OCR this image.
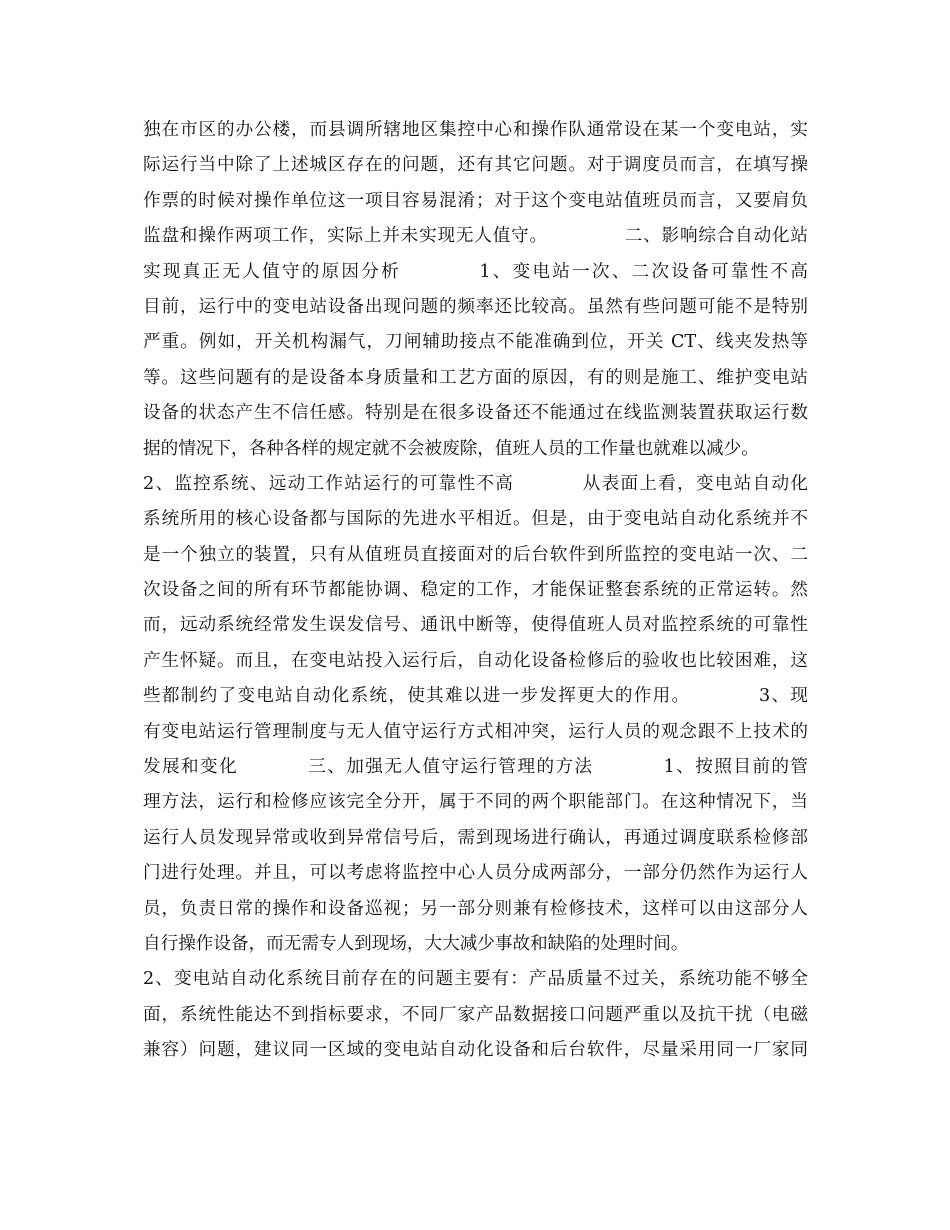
独在市区的办公楼，而县调所辖地区集控中心和操作队通常设在某一个变电站，实
际运行当中除了上述城区存在的问题，还有其它问题。对于调度员而言，在填写操
作票的时候对操作单位这一项目容易混淆；对于这个变电站值班员而言，又要肩负
监盘和操作两项工作，实际上并未实现无人值守。            二、影响综合自动化站
实现真正无人值守的原因分析          1、变电站一次、二次设备可靠性不高
目前，运行中的变电站设备出现问题的频率还比较高。虽然有些问题可能不是特别
严重。例如，开关机构漏气，刀闸辅助接点不能准确到位，开关 CT、线夹发热等
等。这些问题有的是设备本身质量和工艺方面的原因，有的则是施工、维护变电站
设备的状态产生不信任感。特别是在很多设备还不能通过在线监测装置获取运行数
据的情况下，各种各样的规定就不会被废除，值班人员的工作量也就难以减少。
2、监控系统、远动工作站运行的可靠性不高          从表面上看，变电站自动化
系统所用的核心设备都与国际的先进水平相近。但是，由于变电站自动化系统并不
是一个独立的装置，只有从值班员直接面对的后台软件到所监控的变电站一次、二
次设备之间的所有环节都能协调、稳定的工作，才能保证整套系统的正常运转。然
而，远动系统经常发生误发信号、通讯中断等，使得值班人员对监控系统的可靠性
产生怀疑。而且，在变电站投入运行后，自动化设备检修后的验收也比较困难，这
些都制约了变电站自动化系统，使其难以进一步发挥更大的作用。          3、现
有变电站运行管理制度与无人值守运行方式相冲突，运行人员的观念跟不上技术的
发展和变化          三、加强无人值守运行管理的方法          1、按照目前的管
理方法，运行和检修应该完全分开，属于不同的两个职能部门。在这种情况下，当
运行人员发现异常或收到异常信号后，需到现场进行确认，再通过调度联系检修部
门进行处理。并且，可以考虑将监控中心人员分成两部分，一部分仍然作为运行人
员，负责日常的操作和设备巡视；另一部分则兼有检修技术，这样可以由这部分人
自行操作设备，而无需专人到现场，大大减少事故和缺陷的处理时间。
2、变电站自动化系统目前存在的问题主要有：产品质量不过关，系统功能不够全
面，系统性能达不到指标要求，不同厂家产品数据接口问题严重以及抗干扰（电磁
兼容）问题，建议同一区域的变电站自动化设备和后台软件，尽量采用同一厂家同
